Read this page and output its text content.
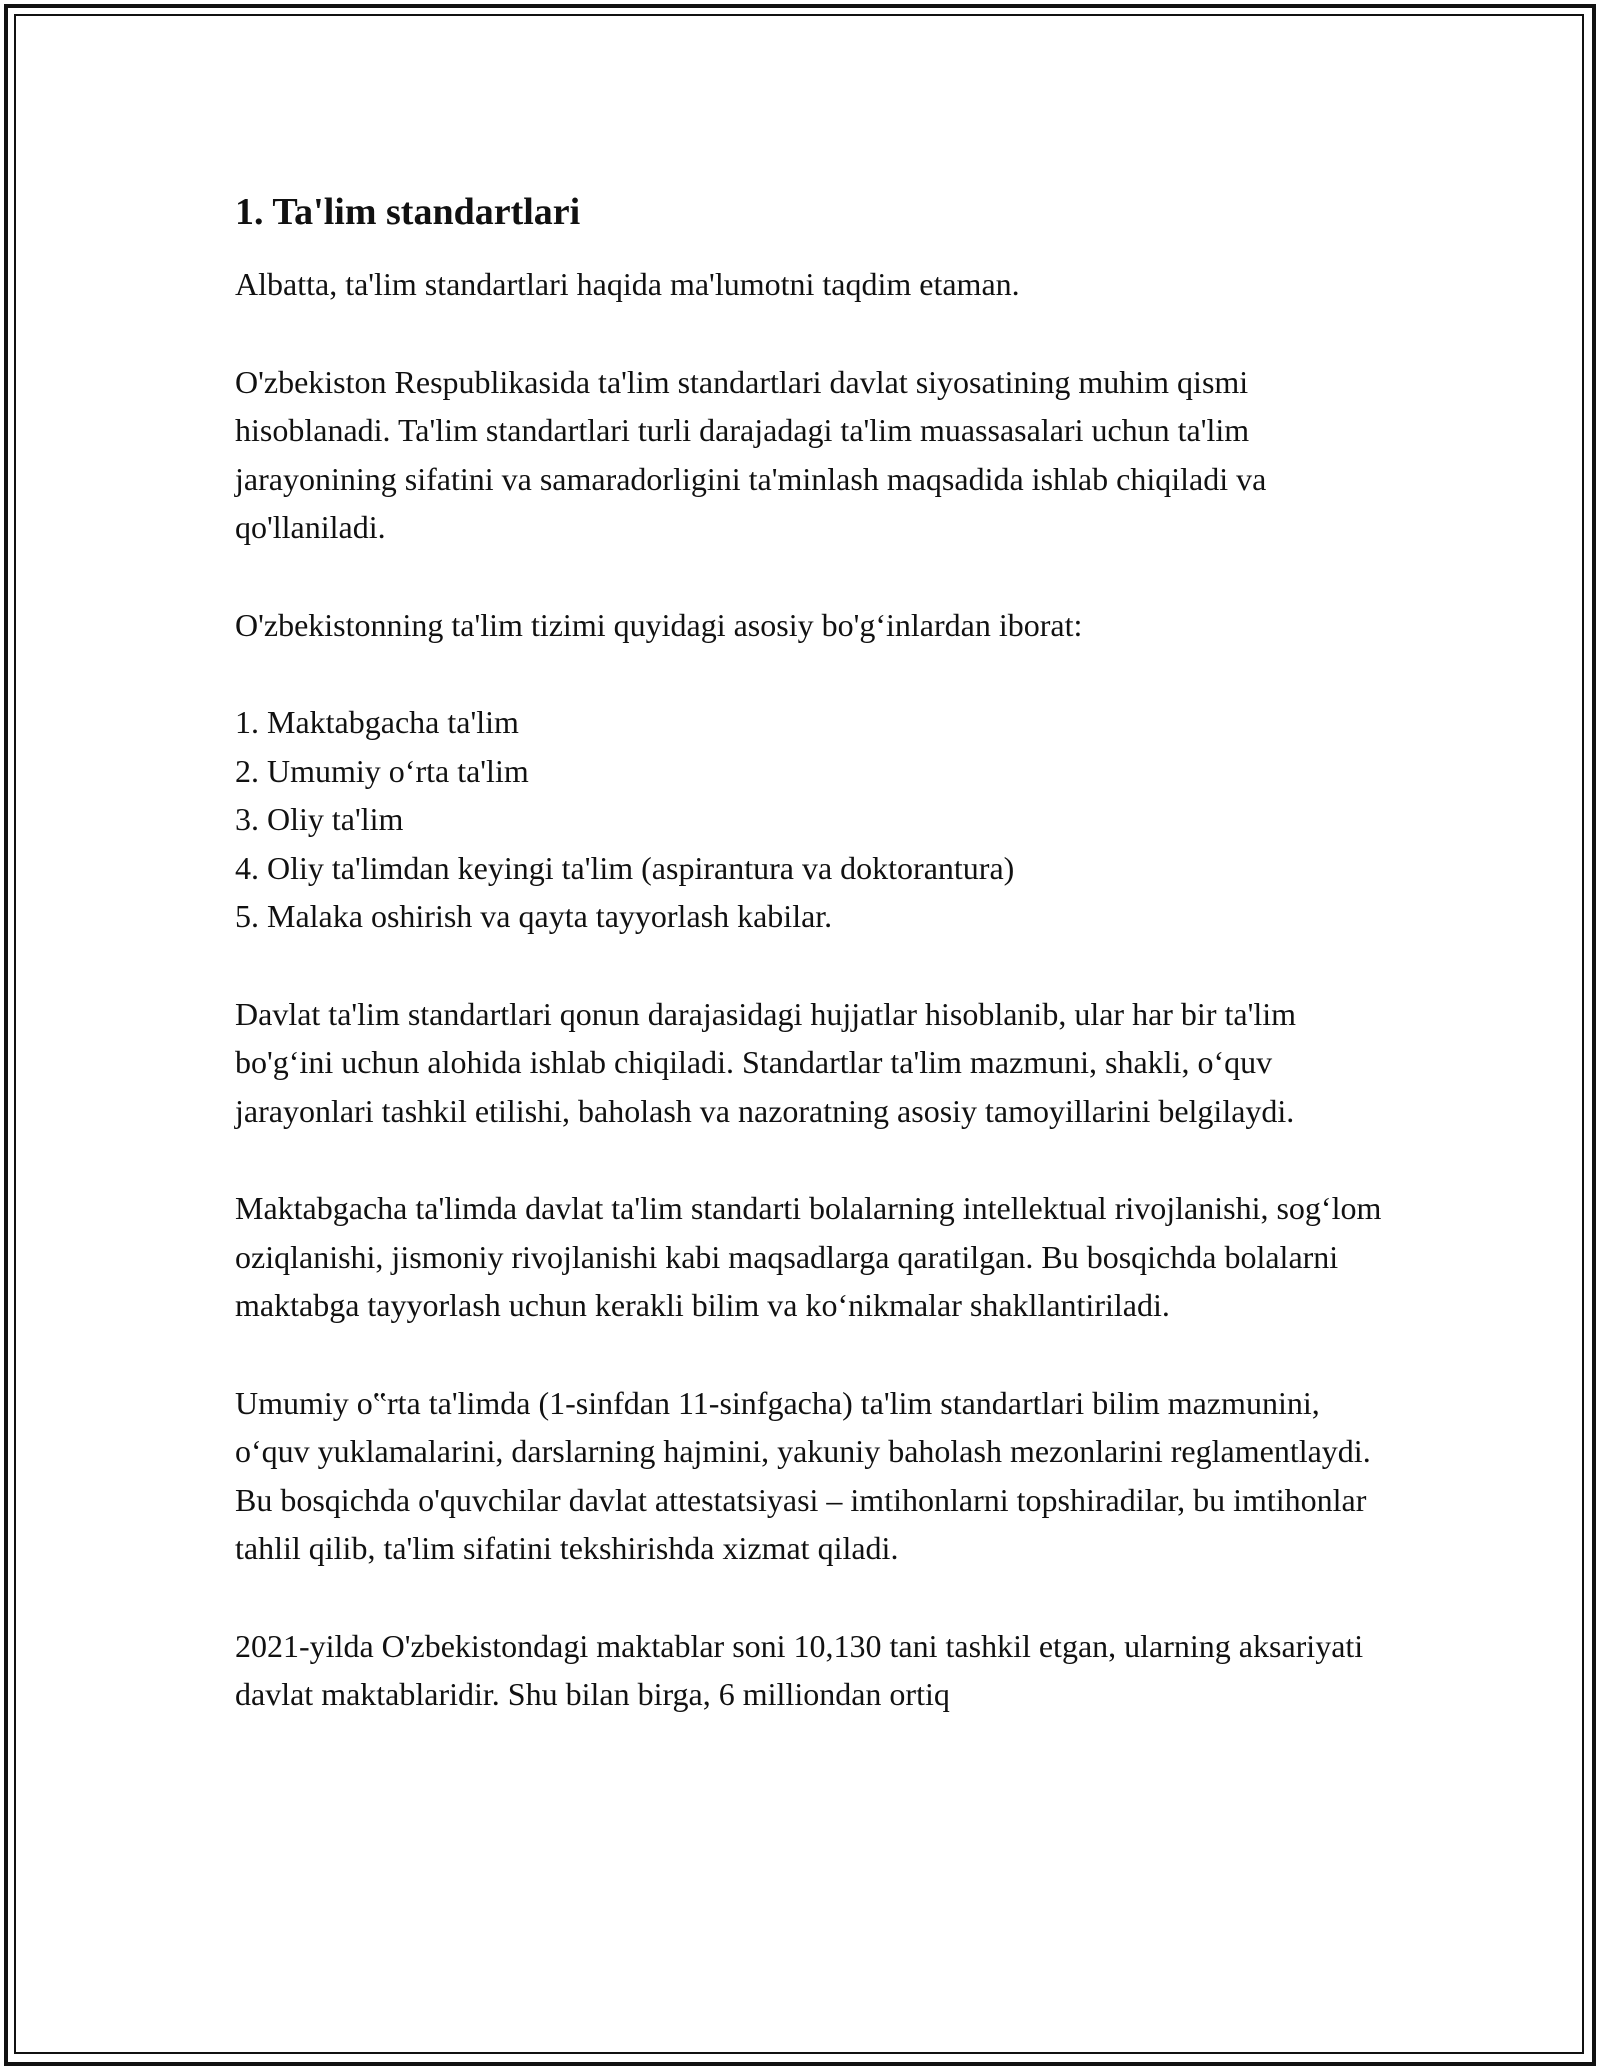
1. Ta'lim standartlari

Albatta, ta'lim standartlari haqida ma'lumotni taqdim etaman.

O'zbekiston Respublikasida ta'lim standartlari davlat siyosatining muhim qismi hisoblanadi. Ta'lim standartlari turli darajadagi ta'lim muassasalari uchun ta'lim jarayonining sifatini va samaradorligini ta'minlash maqsadida ishlab chiqiladi va qo'llaniladi.

O'zbekistonning ta'lim tizimi quyidagi asosiy bo'g‘inlardan iborat:

1. Maktabgacha ta'lim
2. Umumiy o‘rta ta'lim
3. Oliy ta'lim
4. Oliy ta'limdan keyingi ta'lim (aspirantura va doktorantura)
5. Malaka oshirish va qayta tayyorlash kabilar.

Davlat ta'lim standartlari qonun darajasidagi hujjatlar hisoblanib, ular har bir ta'lim bo'g‘ini uchun alohida ishlab chiqiladi. Standartlar ta'lim mazmuni, shakli, o‘quv jarayonlari tashkil etilishi, baholash va nazoratning asosiy tamoyillarini belgilaydi.

Maktabgacha ta'limda davlat ta'lim standarti bolalarning intellektual rivojlanishi, sog‘lom oziqlanishi, jismoniy rivojlanishi kabi maqsadlarga qaratilgan. Bu bosqichda bolalarni maktabga tayyorlash uchun kerakli bilim va ko‘nikmalar shakllantiriladi.

Umumiy o‟rta ta'limda (1-sinfdan 11-sinfgacha) ta'lim standartlari bilim mazmunini, o‘quv yuklamalarini, darslarning hajmini, yakuniy baholash mezonlarini reglamentlaydi. Bu bosqichda o'quvchilar davlat attestatsiyasi – imtihonlarni topshiradilar, bu imtihonlar tahlil qilib, ta'lim sifatini tekshirishda xizmat qiladi.

2021-yilda O'zbekistondagi maktablar soni 10,130 tani tashkil etgan, ularning aksariyati davlat maktablaridir. Shu bilan birga, 6 milliondan ortiq
